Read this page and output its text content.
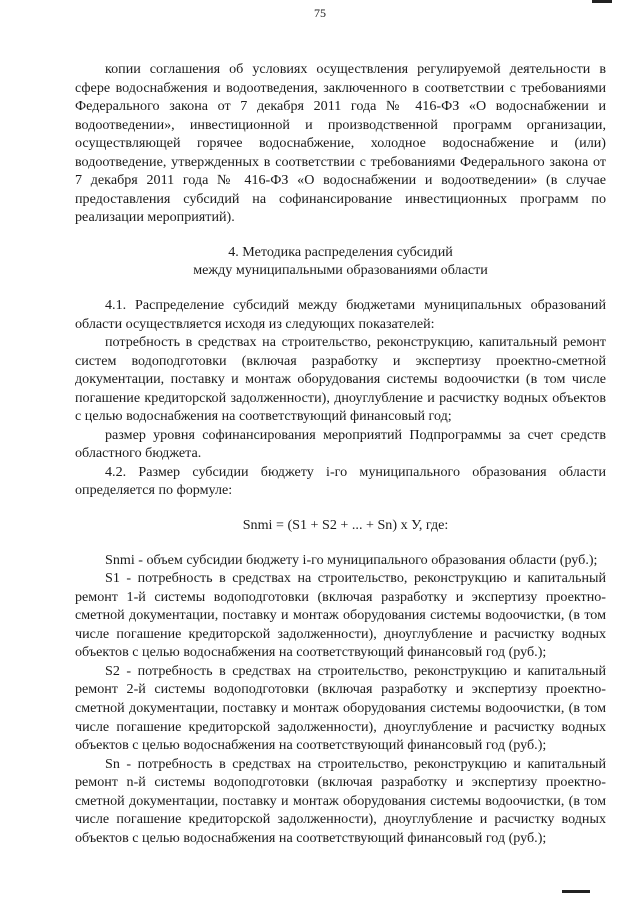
75

копии соглашения об условиях осуществления регулируемой деятельности в сфере водоснабжения и водоотведения, заключенного в соответствии с требованиями Федерального закона от 7 декабря 2011 года № 416-ФЗ «О водоснабжении и водоотведении», инвестиционной и производственной программ организации, осуществляющей горячее водоснабжение, холодное водоснабжение и (или) водоотведение, утвержденных в соответствии с требованиями Федерального закона от 7 декабря 2011 года № 416-ФЗ «О водоснабжении и водоотведении» (в случае предоставления субсидий на софинансирование инвестиционных программ по реализации мероприятий).

4. Методика распределения субсидий
между муниципальными образованиями области

4.1. Распределение субсидий между бюджетами муниципальных образований области осуществляется исходя из следующих показателей:

потребность в средствах на строительство, реконструкцию, капитальный ремонт систем водоподготовки (включая разработку и экспертизу проектно-сметной документации, поставку и монтаж оборудования системы водоочистки (в том числе погашение кредиторской задолженности), дноуглубление и расчистку водных объектов с целью водоснабжения на соответствующий финансовый год;

размер уровня софинансирования мероприятий Подпрограммы за счет средств областного бюджета.

4.2. Размер субсидии бюджету i-го муниципального образования области определяется по формуле:

Snmi = (S1 + S2 + ... + Sn) x У, где:

Snmi - объем субсидии бюджету i-го муниципального образования области (руб.);

S1 - потребность в средствах на строительство, реконструкцию и капитальный ремонт 1-й системы водоподготовки (включая разработку и экспертизу проектно-сметной документации, поставку и монтаж оборудования системы водоочистки, (в том числе погашение кредиторской задолженности), дноуглубление и расчистку водных объектов с целью водоснабжения на соответствующий финансовый год (руб.);

S2 - потребность в средствах на строительство, реконструкцию и капитальный ремонт 2-й системы водоподготовки (включая разработку и экспертизу проектно-сметной документации, поставку и монтаж оборудования системы водоочистки, (в том числе погашение кредиторской задолженности), дноуглубление и расчистку водных объектов с целью водоснабжения на соответствующий финансовый год (руб.);

Sn - потребность в средствах на строительство, реконструкцию и капитальный ремонт n-й системы водоподготовки (включая разработку и экспертизу проектно-сметной документации, поставку и монтаж оборудования системы водоочистки, (в том числе погашение кредиторской задолженности), дноуглубление и расчистку водных объектов с целью водоснабжения на соответствующий финансовый год (руб.);
